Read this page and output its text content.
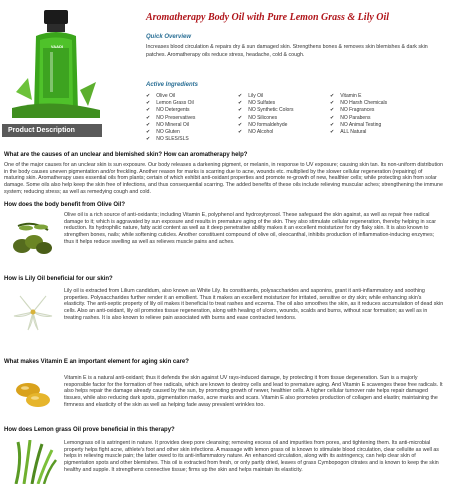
VAADI
Product Description
Aromatherapy Body Oil with Pure Lemon Grass & Lily Oil
Quick Overview
Increases blood circulation & repairs dry & sun damaged skin. Strengthens bones & removes skin blemishes & dark skin patches. Aromatherapy oils reduce stress, headache, cold & cough.
Active Ingredients
✔ Olive Oil
✔ Lemon Grass Oil
✔ NO Detergents
✔ NO Preservatives
✔ NO Mineral Oil
✔ NO Gluten
✔ NO SLES/SLS
✔ Lily Oil
✔ NO Sulfates
✔ NO Synthetic Colors
✔ NO Silicones
✔ NO formaldehyde
✔ NO Alcohol
✔ Vitamin E
✔ NO Harsh Chemicals
✔ NO Fragrances
✔ NO Parabens
✔ NO Animal Testing
✔ ALL Natural
What are the causes of an unclear and blemished skin? How can aromatherapy help?
One of the major causes for an unclear skin is sun exposure. Our body releases a darkening pigment, or melanin, in response to UV exposure; causing skin tan. Its non-uniform distribution in the body causes uneven pigmentation and/or freckling. Another reason for marks is scarring due to acne, wounds etc. multiplied by the slower cellular regeneration (repairing) of maturing skin. Aromatherapy uses essential oils from plants; certain of which exhibit anti-oxidant properties and promote re-growth of new, healthier cells; while protecting skin from solar damage. Some oils also help keep the skin free of infections, and thus consequential scarring. The added benefits of these oils include relieving muscular aches; strengthening the immune system; reducing stress; as well as remedying cough and cold.
How does the body benefit from Olive Oil?
Olive oil is a rich source of anti-oxidants; including Vitamin E, polyphenol and hydroxytyrosol. These safeguard the skin against, as well as repair free radical damage to it; which is aggravated by sun exposure and results in premature aging of the skin. They also stimulate cellular regeneration, thereby helping in scar reduction. Its hydrophilic nature, fatty acid content as well as it deep penetrative ability makes it an excellent moisturizer for dry flaky skin. It is also known to strengthen bones, nails; while softening cuticles. Another constituent compound of olive oil, oleocanthal, inhibits production of inflammation-inducing enzymes; thus it helps reduce swelling as well as relieves muscle pains and aches.
How is Lily Oil beneficial for our skin?
Lily oil is extracted from Lilium candidum, also known as White Lily. Its constituents, polysaccharides and saponins, grant it anti-inflammatory and soothing properties. Polysaccharides further render it an emollient. Thus it makes an excellent moisturizer for irritated, sensitive or dry skin; while enhancing skin's elasticity. The anti-septic property of lily oil makes it beneficial to treat rashes and eczema. The oil also smoothes the skin, as it reduces accumulation of dead skin cells. Also an anti-oxidant, lily oil promotes tissue regeneration, along with healing of ulcers, wounds, scalds and burns, without scar formation; as well as in treating rashes. It is also known to relieve pain associated with burns and ease contracted tendons.
What makes Vitamin E an important element for aging skin care?
Vitamin E is a natural anti-oxidant; thus it defends the skin against UV rays-induced damage, by protecting it from tissue degeneration. Sun is a majorly responsible factor for the formation of free radicals, which are known to destroy cells and lead to premature aging. And Vitamin E scavenges these free radicals. It also helps repair the damage already caused by the sun, by promoting growth of newer, healthier cells. A higher cellular turnover rate helps repair damaged tissues, while also reducing dark spots, pigmentation marks, acne marks and scars. Vitamin E also promotes production of collagen and elastin; maintaining the firmness and elasticity of the skin as well as helping fade away prevalent wrinkles too.
How does Lemon grass Oil prove beneficial in this therapy?
Lemongrass oil is astringent in nature. It provides deep pore cleansing; removing excess oil and impurities from pores, and tightening them. Its anti-microbial property helps fight acne, athlete's foot and other skin infections. A massage with lemon grass oil is known to stimulate blood circulation, clear cellulite as well as helps in relieving muscle pain; the latter owed to its anti-inflammatory nature. An enhanced circulation, along with its astringency, can help clear skin of pigmentation spots and other blemishes. This oil is extracted from fresh, or only partly dried, leaves of grass Cymbopogon citrates and is known to keep the skin healthy and supple. It strengthens connective tissue; firms up the skin and helps maintain its elasticity.
